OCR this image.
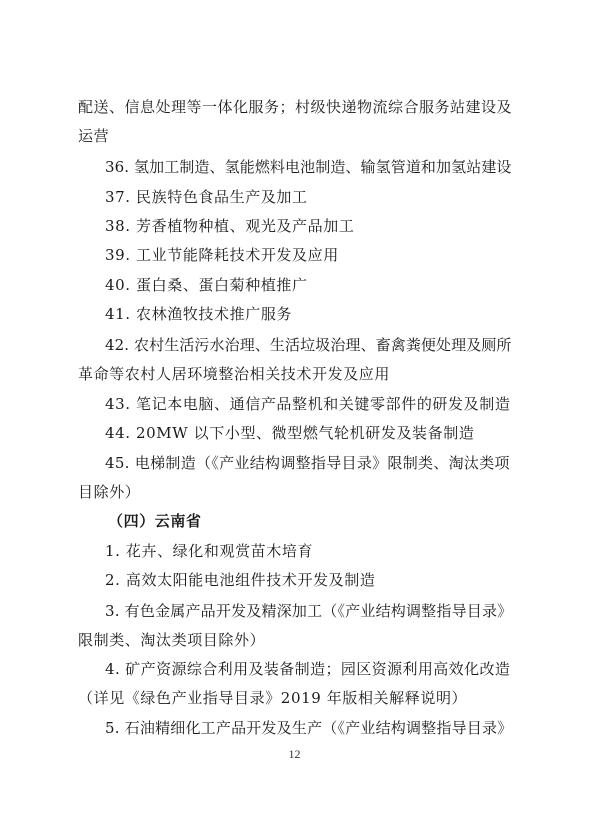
配送、信息处理等一体化服务；村级快递物流综合服务站建设及
运营
36. 氢加工制造、氢能燃料电池制造、输氢管道和加氢站建设
37. 民族特色食品生产及加工
38. 芳香植物种植、观光及产品加工
39. 工业节能降耗技术开发及应用
40. 蛋白桑、蛋白菊种植推广
41. 农林渔牧技术推广服务
42. 农村生活污水治理、生活垃圾治理、畜禽粪便处理及厕所
革命等农村人居环境整治相关技术开发及应用
43. 笔记本电脑、通信产品整机和关键零部件的研发及制造
44. 20MW 以下小型、微型燃气轮机研发及装备制造
45. 电梯制造（《产业结构调整指导目录》限制类、淘汰类项
目除外）
（四）云南省
1. 花卉、绿化和观赏苗木培育
2. 高效太阳能电池组件技术开发及制造
3. 有色金属产品开发及精深加工（《产业结构调整指导目录》
限制类、淘汰类项目除外）
4. 矿产资源综合利用及装备制造；园区资源利用高效化改造
（详见《绿色产业指导目录》2019 年版相关解释说明）
5. 石油精细化工产品开发及生产（《产业结构调整指导目录》
12
